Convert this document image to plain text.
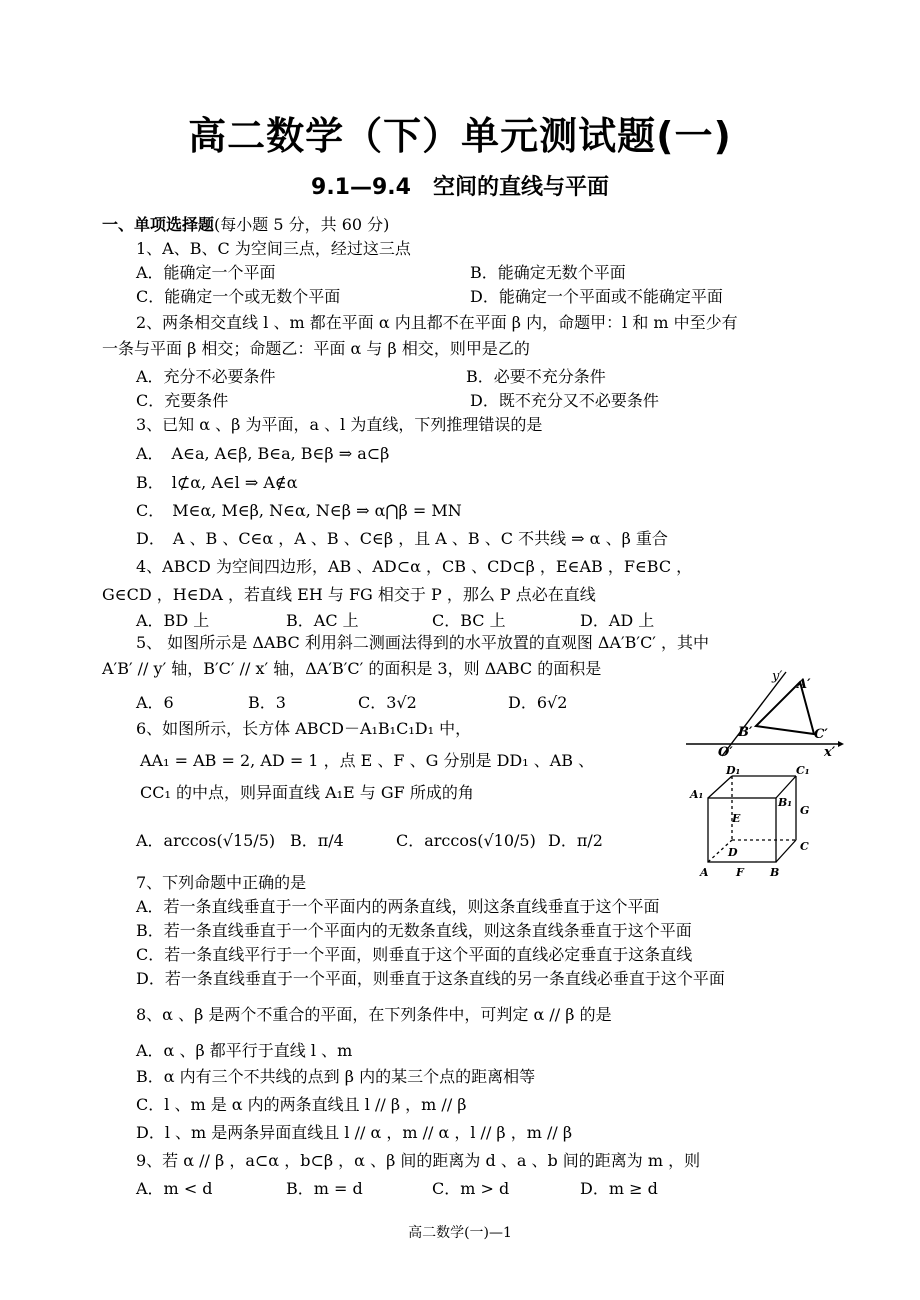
高二数学（下）单元测试题(一)
9.1—9.4　空间的直线与平面
一、单项选择题(每小题 5 分，共 60 分)
1、A、B、C 为空间三点，经过这三点
A．能确定一个平面	B．能确定无数个平面
C．能确定一个或无数个平面	D．能确定一个平面或不能确定平面
2、两条相交直线 l 、m 都在平面 α 内且都不在平面 β 内，命题甲：l 和 m 中至少有
一条与平面 β 相交；命题乙：平面 α 与 β 相交，则甲是乙的
A．充分不必要条件	B．必要不充分条件
C．充要条件	D．既不充分又不必要条件
3、已知 α 、β 为平面，a 、l 为直线，下列推理错误的是
A．　A∈a, A∈β, B∈a, B∈β ⇒ a⊂β
B．　l⊄α, A∈l ⇒ A∉α
C．　M∈α, M∈β, N∈α, N∈β ⇒ α⋂β = MN
D．　A 、B 、C∈α ，A 、B 、C∈β ，且 A 、B 、C 不共线 ⇒ α 、β 重合
4、ABCD 为空间四边形，AB 、AD⊂α ，CB 、CD⊂β ，E∈AB ，F∈BC ，
G∈CD ，H∈DA ，若直线 EH 与 FG 相交于 P ，那么 P 点必在直线
A．BD 上	B．AC 上	C．BC 上	D．AD 上
5、 如图所示是 ΔABC 利用斜二测画法得到的水平放置的直观图 ΔA′B′C′ ，其中
A′B′ // y′ 轴，B′C′ // x′ 轴，ΔA′B′C′ 的面积是 3，则 ΔABC 的面积是
A．6	B．3	C．3√2	D．6√2
y′
A′
B′	C′
O′	x′
6、如图所示，长方体 ABCD－A₁B₁C₁D₁ 中，
AA₁ = AB = 2, AD = 1 ，点 E 、F 、G 分别是 DD₁ 、AB 、
CC₁ 的中点，则异面直线 A₁E 与 GF 所成的角
A．arccos(√15/5) B．π/4	C．arccos(√10/5) D．π/2
D₁	C₁
A₁
B₁
E
G
D	C
A F B
7、下列命题中正确的是
A．若一条直线垂直于一个平面内的两条直线，则这条直线垂直于这个平面
B．若一条直线垂直于一个平面内的无数条直线，则这条直线条垂直于这个平面
C．若一条直线平行于一个平面，则垂直于这个平面的直线必定垂直于这条直线
D．若一条直线垂直于一个平面，则垂直于这条直线的另一条直线必垂直于这个平面
8、α 、β 是两个不重合的平面，在下列条件中，可判定 α // β 的是
A．α 、β 都平行于直线 l 、m
B．α 内有三个不共线的点到 β 内的某三个点的距离相等
C．l 、m 是 α 内的两条直线且 l // β ，m // β
D．l 、m 是两条异面直线且 l // α ，m // α ，l // β ，m // β
9、若 α // β ，a⊂α ，b⊂β ，α 、β 间的距离为 d 、a 、b 间的距离为 m ，则
A．m < d	B．m = d	C．m > d	D．m ≥ d
高二数学(一)—1
